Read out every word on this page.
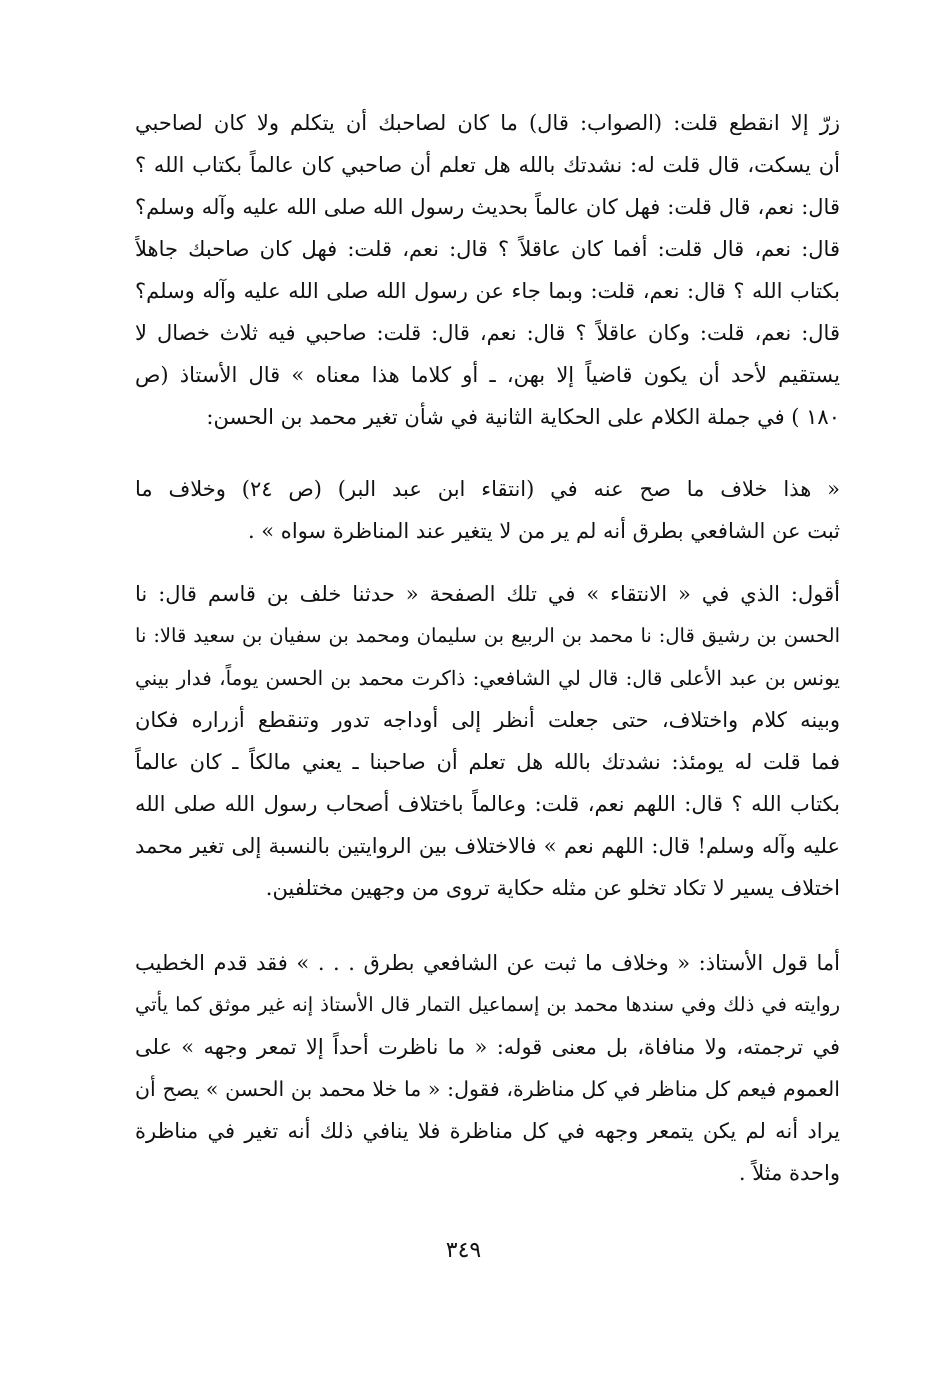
زرّ إلا انقطع قلت: (الصواب: قال) ما كان لصاحبك أن يتكلم ولا كان لصاحبي
أن يسكت، قال قلت له: نشدتك بالله هل تعلم أن صاحبي كان عالماً بكتاب الله ؟
قال: نعم، قال قلت: فهل كان عالماً بحديث رسول الله صلى الله عليه وآله وسلم؟
قال: نعم، قال قلت: أفما كان عاقلاً ؟ قال: نعم، قلت: فهل كان صاحبك جاهلاً
بكتاب الله ؟ قال: نعم، قلت: وبما جاء عن رسول الله صلى الله عليه وآله وسلم؟
قال: نعم، قلت: وكان عاقلاً ؟ قال: نعم، قال: قلت: صاحبي فيه ثلاث خصال لا
يستقيم لأحد أن يكون قاضياً إلا بهن، ـ أو كلاما هذا معناه » قال الأستاذ (ص
١٨٠ ) في جملة الكلام على الحكاية الثانية في شأن تغير محمد بن الحسن:
« هذا خلاف ما صح عنه في (انتقاء ابن عبد البر) (ص ٢٤) وخلاف ما
ثبت عن الشافعي بطرق أنه لم ير من لا يتغير عند المناظرة سواه » .
أقول: الذي في « الانتقاء » في تلك الصفحة « حدثنا خلف بن قاسم قال: نا
الحسن بن رشيق قال: نا محمد بن الربيع بن سليمان ومحمد بن سفيان بن سعيد قالا: نا
يونس بن عبد الأعلى قال: قال لي الشافعي: ذاكرت محمد بن الحسن يوماً، فدار بيني
وبينه كلام واختلاف، حتى جعلت أنظر إلى أوداجه تدور وتنقطع أزراره فكان
فما قلت له يومئذ: نشدتك بالله هل تعلم أن صاحبنا ـ يعني مالكاً ـ كان عالماً
بكتاب الله ؟ قال: اللهم نعم، قلت: وعالماً باختلاف أصحاب رسول الله صلى الله
عليه وآله وسلم! قال: اللهم نعم » فالاختلاف بين الروايتين بالنسبة إلى تغير محمد
اختلاف يسير لا تكاد تخلو عن مثله حكاية تروى من وجهين مختلفين.
أما قول الأستاذ: « وخلاف ما ثبت عن الشافعي بطرق . . . » فقد قدم الخطيب
روايته في ذلك وفي سندها محمد بن إسماعيل التمار قال الأستاذ إنه غير موثق كما يأتي
في ترجمته، ولا منافاة، بل معنى قوله: « ما ناظرت أحداً إلا تمعر وجهه » على
العموم فيعم كل مناظر في كل مناظرة، فقول: « ما خلا محمد بن الحسن » يصح أن
يراد أنه لم يكن يتمعر وجهه في كل مناظرة فلا ينافي ذلك أنه تغير في مناظرة
واحدة مثلاً .
٣٤٩
